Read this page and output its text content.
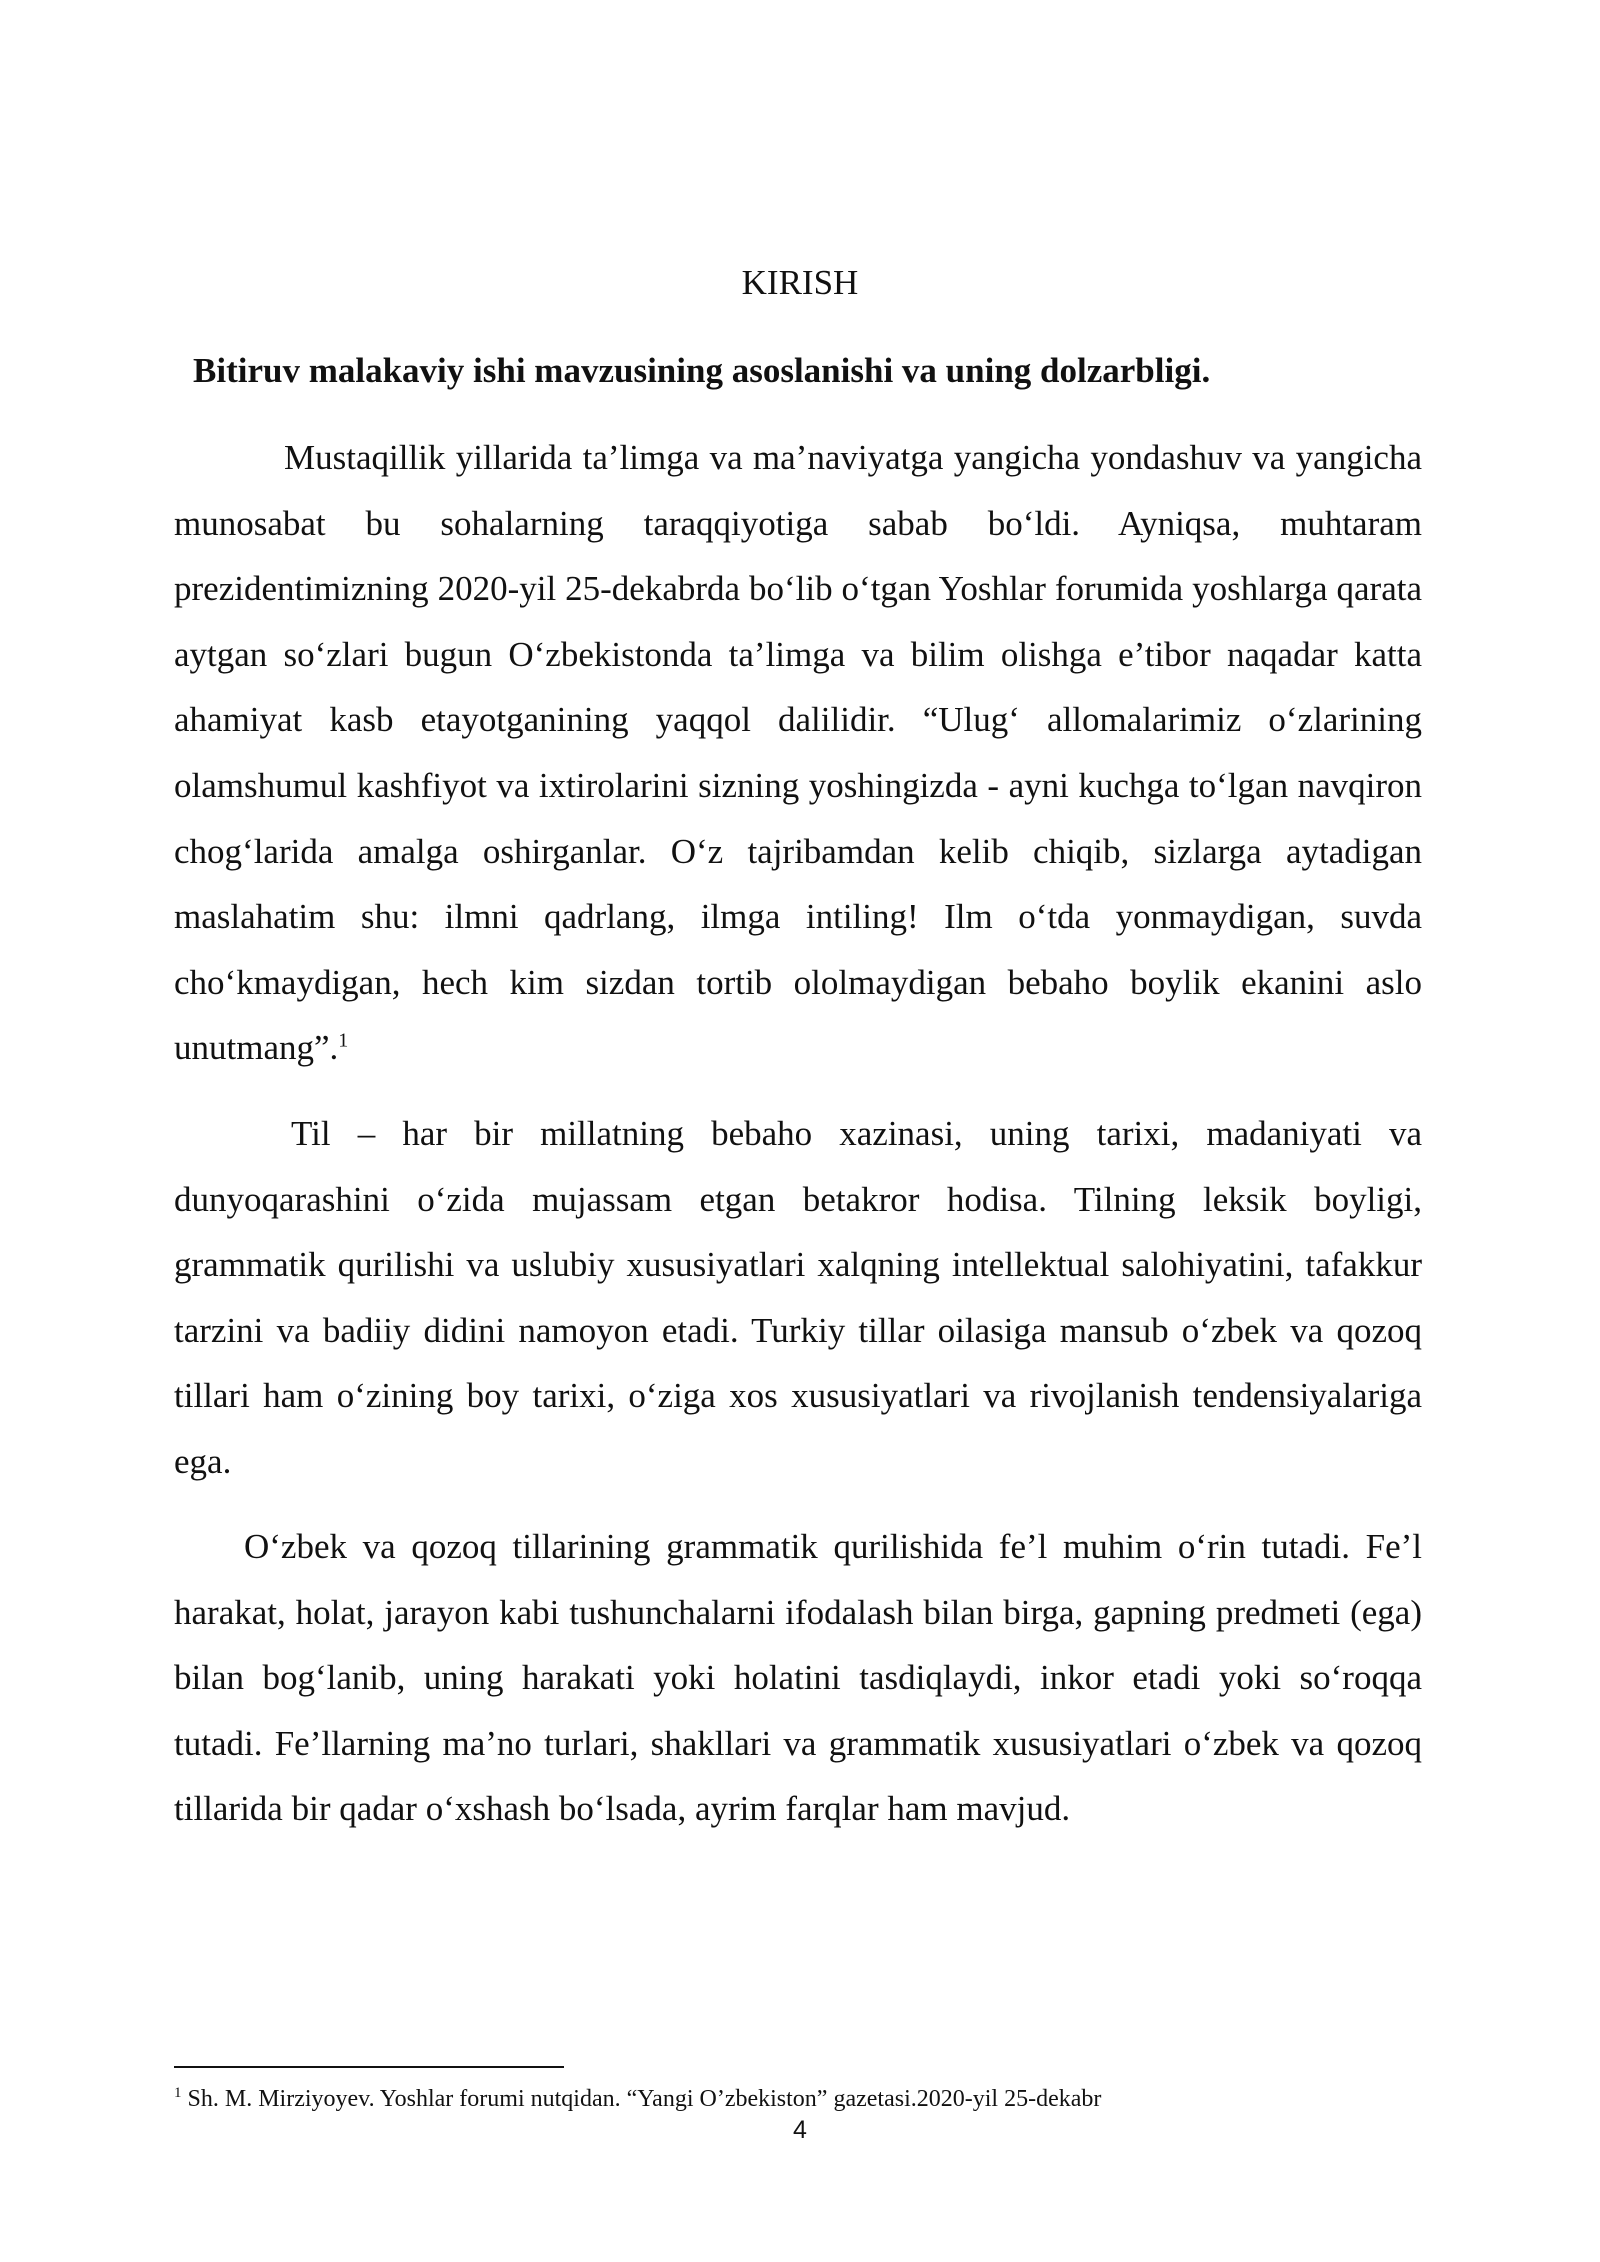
KIRISH
Bitiruv malakaviy ishi mavzusining asoslanishi va uning dolzarbligi.

Mustaqillik yillarida ta’limga va ma’naviyatga yangicha yondashuv va yangicha munosabat bu sohalarning taraqqiyotiga sabab bo‘ldi. Ayniqsa, muhtaram prezidentimizning 2020-yil 25-dekabrda bo‘lib o‘tgan Yoshlar forumida yoshlarga qarata aytgan so‘zlari bugun O‘zbekistonda ta’limga va bilim olishga e’tibor naqadar katta ahamiyat kasb etayotganining yaqqol dalilidir. “Ulug‘ allomalarimiz o‘zlarining olamshumul kashfiyot va ixtirolarini sizning yoshingizda - ayni kuchga to‘lgan navqiron chog‘larida amalga oshirganlar. O‘z tajribamdan kelib chiqib, sizlarga aytadigan maslahatim shu: ilmni qadrlang, ilmga intiling! Ilm o‘tda yonmaydigan, suvda cho‘kmaydigan, hech kim sizdan tortib ololmaydigan bebaho boylik ekanini aslo unutmang”.$^1$

Til – har bir millatning bebaho xazinasi, uning tarixi, madaniyati va dunyoqarashini o‘zida mujassam etgan betakror hodisa. Tilning leksik boyligi, grammatik qurilishi va uslubiy xususiyatlari xalqning intellektual salohiyatini, tafakkur tarzini va badiiy didini namoyon etadi. Turkiy tillar oilasiga mansub o‘zbek va qozoq tillari ham o‘zining boy tarixi, o‘ziga xos xususiyatlari va rivojlanish tendensiyalariga ega.

O‘zbek va qozoq tillarining grammatik qurilishida fe’l muhim o‘rin tutadi. Fe’l harakat, holat, jarayon kabi tushunchalarni ifodalash bilan birga, gapning predmeti (ega) bilan bog‘lanib, uning harakati yoki holatini tasdiqlaydi, inkor etadi yoki so‘roqqa tutadi. Fe’llarning ma’no turlari, shakllari va grammatik xususiyatlari o‘zbek va qozoq tillarida bir qadar o‘xshash bo‘lsada, ayrim farqlar ham mavjud.

$^1$ Sh. M. Mirziyoyev. Yoshlar forumi nutqidan. “Yangi O’zbekiston” gazetasi.2020-yil 25-dekabr

4
